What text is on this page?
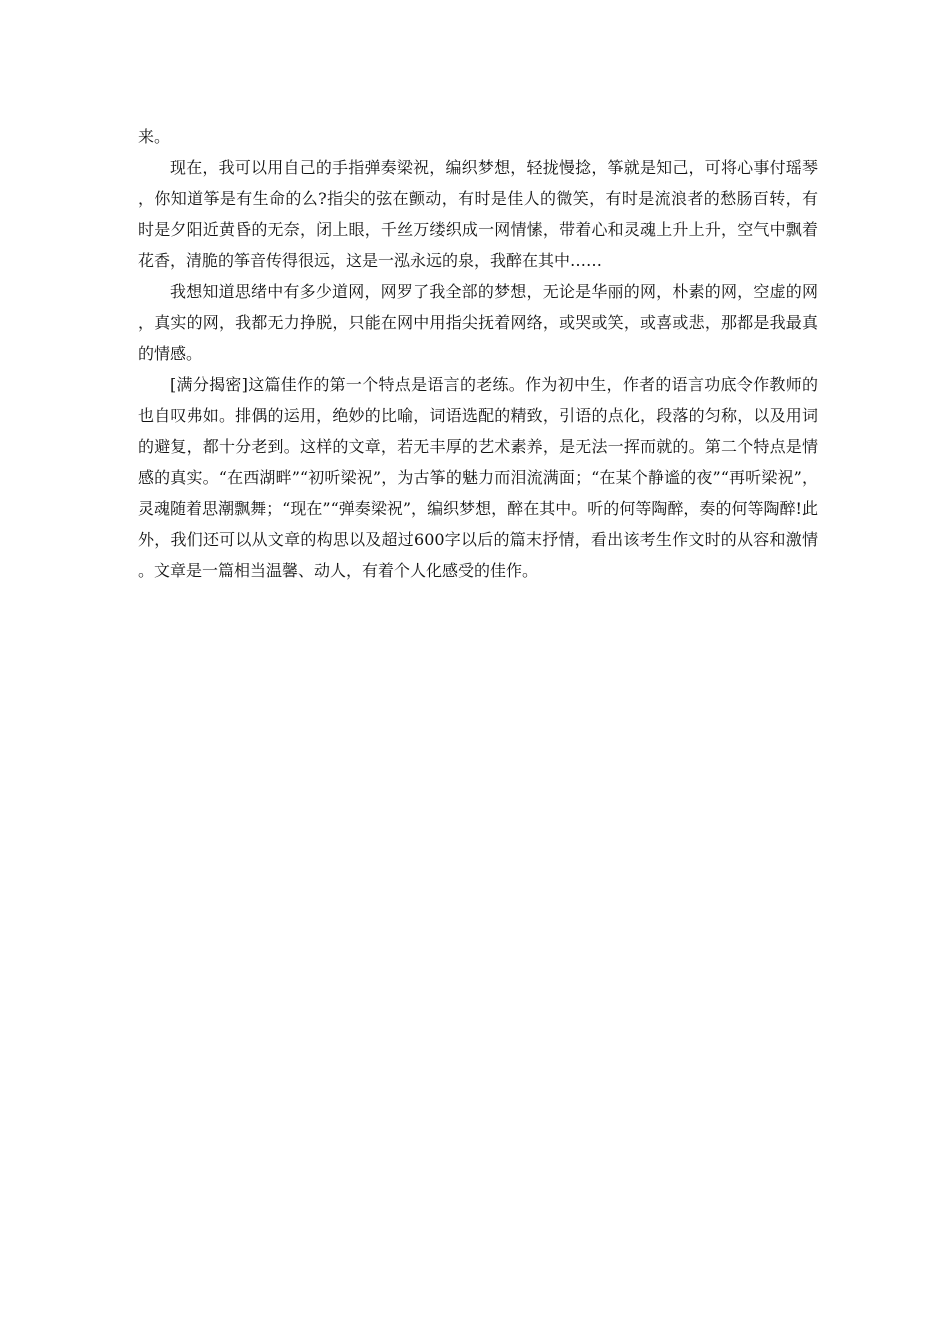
来。

现在，我可以用自己的手指弹奏梁祝，编织梦想，轻拢慢捻，筝就是知己，可将心事付瑶琴，你知道筝是有生命的么?指尖的弦在颤动，有时是佳人的微笑，有时是流浪者的愁肠百转，有时是夕阳近黄昏的无奈，闭上眼，千丝万缕织成一网情愫，带着心和灵魂上升上升，空气中飘着花香，清脆的筝音传得很远，这是一泓永远的泉，我醉在其中……

我想知道思绪中有多少道网，网罗了我全部的梦想，无论是华丽的网，朴素的网，空虚的网，真实的网，我都无力挣脱，只能在网中用指尖抚着网络，或哭或笑，或喜或悲，那都是我最真的情感。

[满分揭密]这篇佳作的第一个特点是语言的老练。作为初中生，作者的语言功底令作教师的也自叹弗如。排偶的运用，绝妙的比喻，词语选配的精致，引语的点化，段落的匀称，以及用词的避复，都十分老到。这样的文章，若无丰厚的艺术素养，是无法一挥而就的。第二个特点是情感的真实。“在西湖畔”“初听梁祝”，为古筝的魅力而泪流满面；“在某个静谧的夜”“再听梁祝”，灵魂随着思潮飘舞；“现在”“弹奏梁祝”，编织梦想，醉在其中。听的何等陶醉，奏的何等陶醉!此外，我们还可以从文章的构思以及超过600字以后的篇末抒情，看出该考生作文时的从容和激情。文章是一篇相当温馨、动人，有着个人化感受的佳作。
